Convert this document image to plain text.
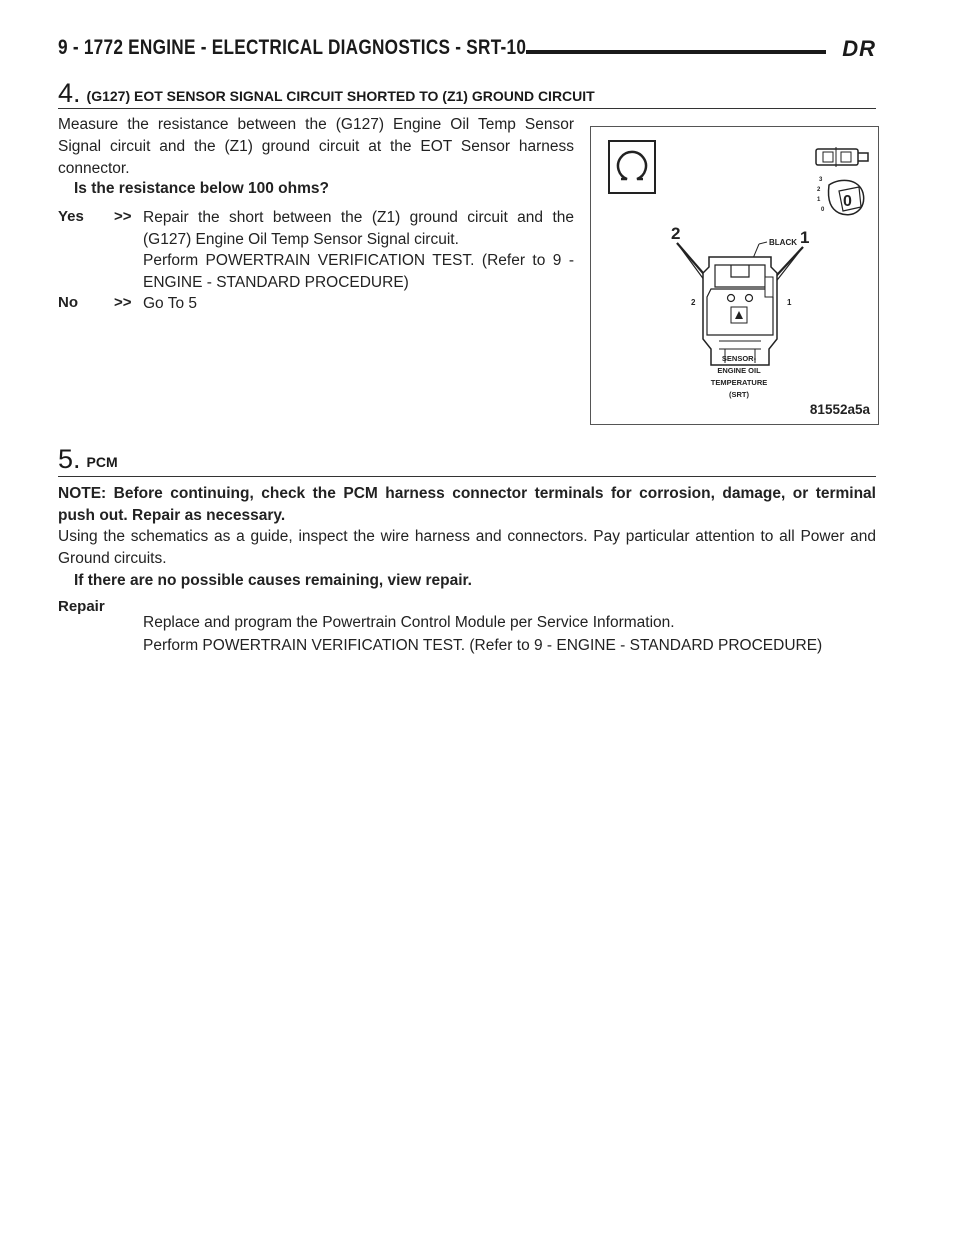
9 - 1772 ENGINE - ELECTRICAL DIAGNOSTICS - SRT-10	DR
4. (G127) EOT SENSOR SIGNAL CIRCUIT SHORTED TO (Z1) GROUND CIRCUIT
Measure the resistance between the (G127) Engine Oil Temp Sensor Signal circuit and the (Z1) ground circuit at the EOT Sensor harness connector.
Is the resistance below 100 ohms?
Yes >> Repair the short between the (Z1) ground circuit and the (G127) Engine Oil Temp Sensor Signal circuit.
Perform POWERTRAIN VERIFICATION TEST. (Refer to 9 - ENGINE - STANDARD PROCEDURE)
No >> Go To 5
3
2
1
0 0
2	1
BLACK
2	1
SENSOR-
ENGINE OIL
TEMPERATURE
(SRT)
81552a5a
5. PCM
NOTE: Before continuing, check the PCM harness connector terminals for corrosion, damage, or terminal push out. Repair as necessary.
Using the schematics as a guide, inspect the wire harness and connectors. Pay particular attention to all Power and Ground circuits.
If there are no possible causes remaining, view repair.
Repair
Replace and program the Powertrain Control Module per Service Information.
Perform POWERTRAIN VERIFICATION TEST. (Refer to 9 - ENGINE - STANDARD PROCEDURE)
